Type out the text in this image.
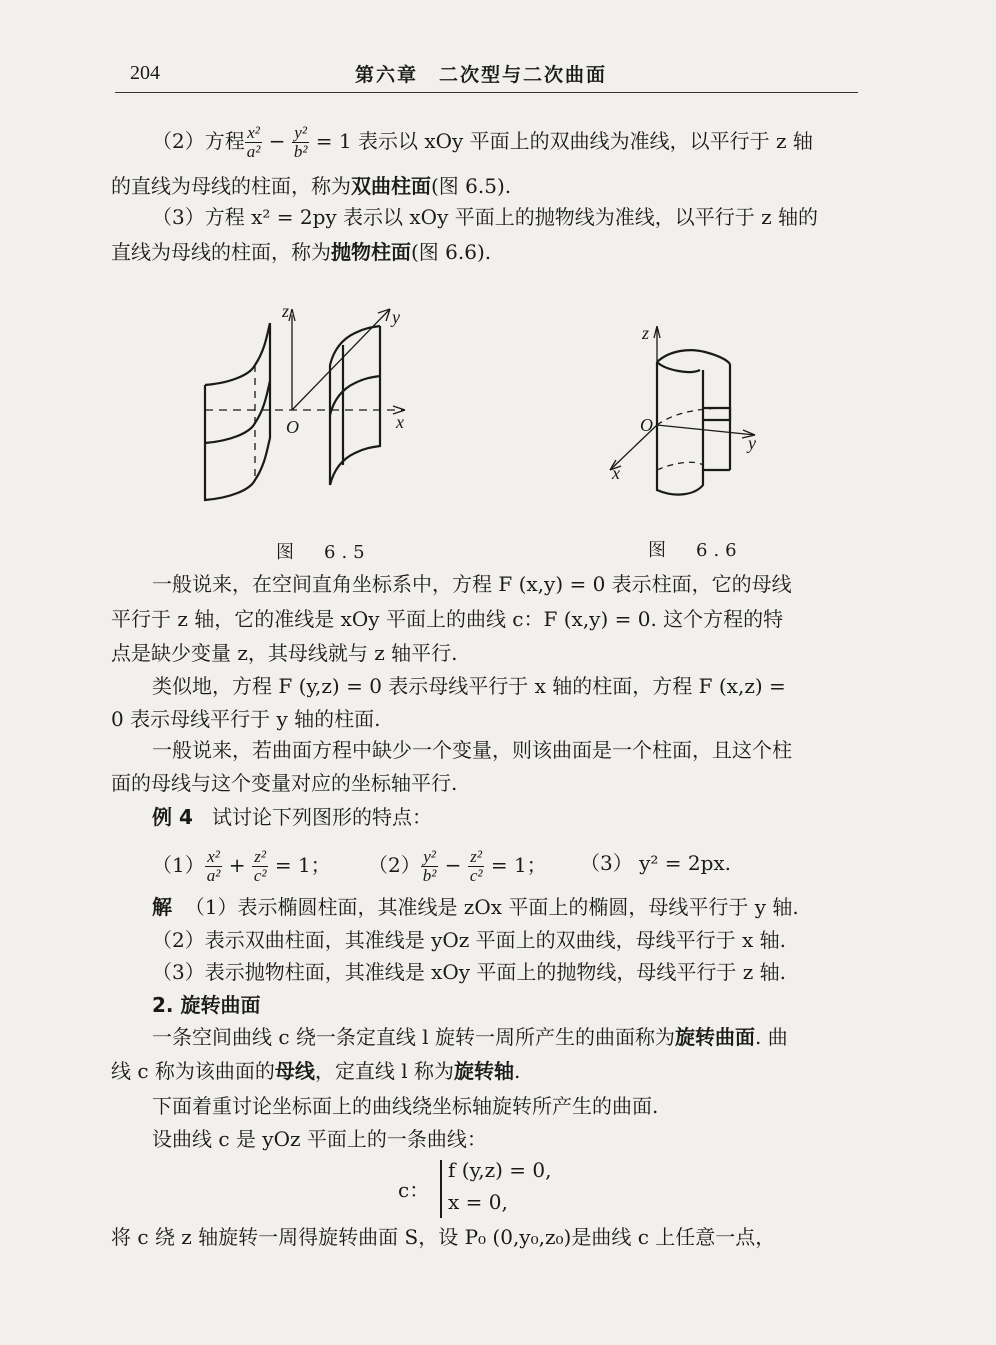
204	第六章　二次型与二次曲面
（2）方程 $\frac{\text{x²}}{\text{a²}} - \frac{\text{y²}}{\text{b²}} = 1$ 表示以 xOy 平面上的双曲线为准线，以平行于 z 轴
的直线为母线的柱面，称为双曲柱面(图 6.5).
（3）方程 x² = 2py 表示以 xOy 平面上的抛物线为准线，以平行于 z 轴的
直线为母线的柱面，称为抛物柱面(图 6.6).
z	y
x
O
图　6.5
z
y
x
O
图　6.6
一般说来，在空间直角坐标系中，方程 F (x,y) = 0 表示柱面，它的母线
平行于 z 轴，它的准线是 xOy 平面上的曲线 c：F (x,y) = 0. 这个方程的特
点是缺少变量 z，其母线就与 z 轴平行.
类似地，方程 F (y,z) = 0 表示母线平行于 x 轴的柱面，方程 F (x,z) =
0 表示母线平行于 y 轴的柱面.
一般说来，若曲面方程中缺少一个变量，则该曲面是一个柱面，且这个柱
面的母线与这个变量对应的坐标轴平行.
例 4 试讨论下列图形的特点：
$(1) \frac{\text{x²}}{\text{a²}} + \frac{\text{z²}}{\text{c²}} = 1$； $(2) \frac{\text{y²}}{\text{b²}} - \frac{\text{z²}}{\text{c²}} = 1$； （3） y² = 2px.
解 （1）表示椭圆柱面，其准线是 zOx 平面上的椭圆，母线平行于 y 轴.
（2）表示双曲柱面，其准线是 yOz 平面上的双曲线，母线平行于 x 轴.
（3）表示抛物柱面，其准线是 xOy 平面上的抛物线，母线平行于 z 轴.
2. 旋转曲面
一条空间曲线 c 绕一条定直线 l 旋转一周所产生的曲面称为旋转曲面. 曲
线 c 称为该曲面的母线，定直线 l 称为旋转轴.
下面着重讨论坐标面上的曲线绕坐标轴旋转所产生的曲面.
设曲线 c 是 yOz 平面上的一条曲线：
c：
f (y,z) = 0,
x = 0,
将 c 绕 z 轴旋转一周得旋转曲面 S，设 P₀ (0,y₀,z₀)是曲线 c 上任意一点，
